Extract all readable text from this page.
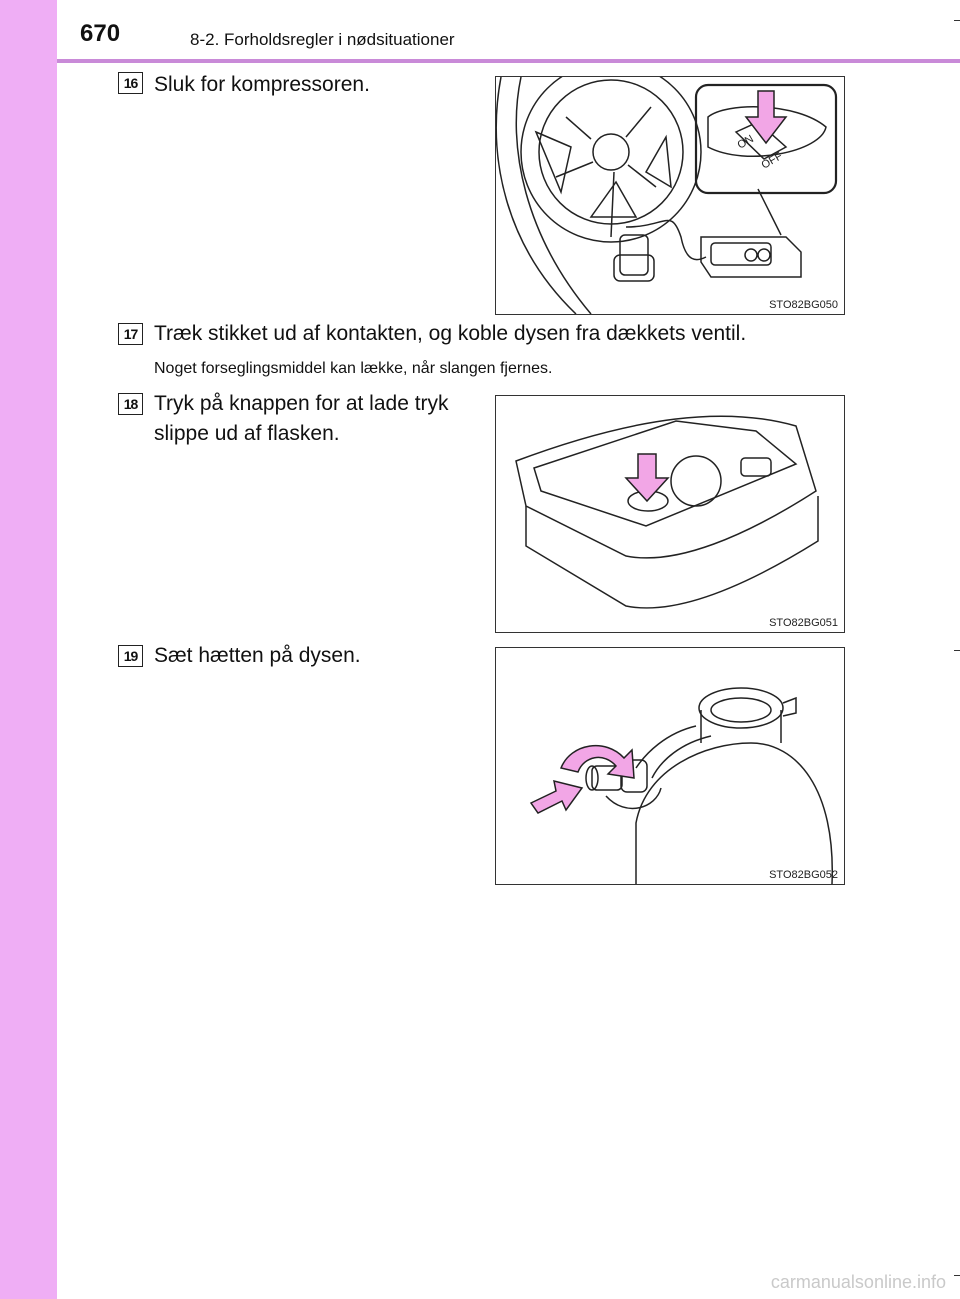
670	8-2. Forholdsregler i nødsituationer
16 Sluk for kompressoren.
ON
OFF
STO82BG050
17 Træk stikket ud af kontakten, og koble dysen fra dækkets ventil.
Noget forseglingsmiddel kan lække, når slangen fjernes.
18 Tryk på knappen for at lade tryk
slippe ud af flasken.
STO82BG051
19 Sæt hætten på dysen.
STO82BG052
carmanualsonline.info
